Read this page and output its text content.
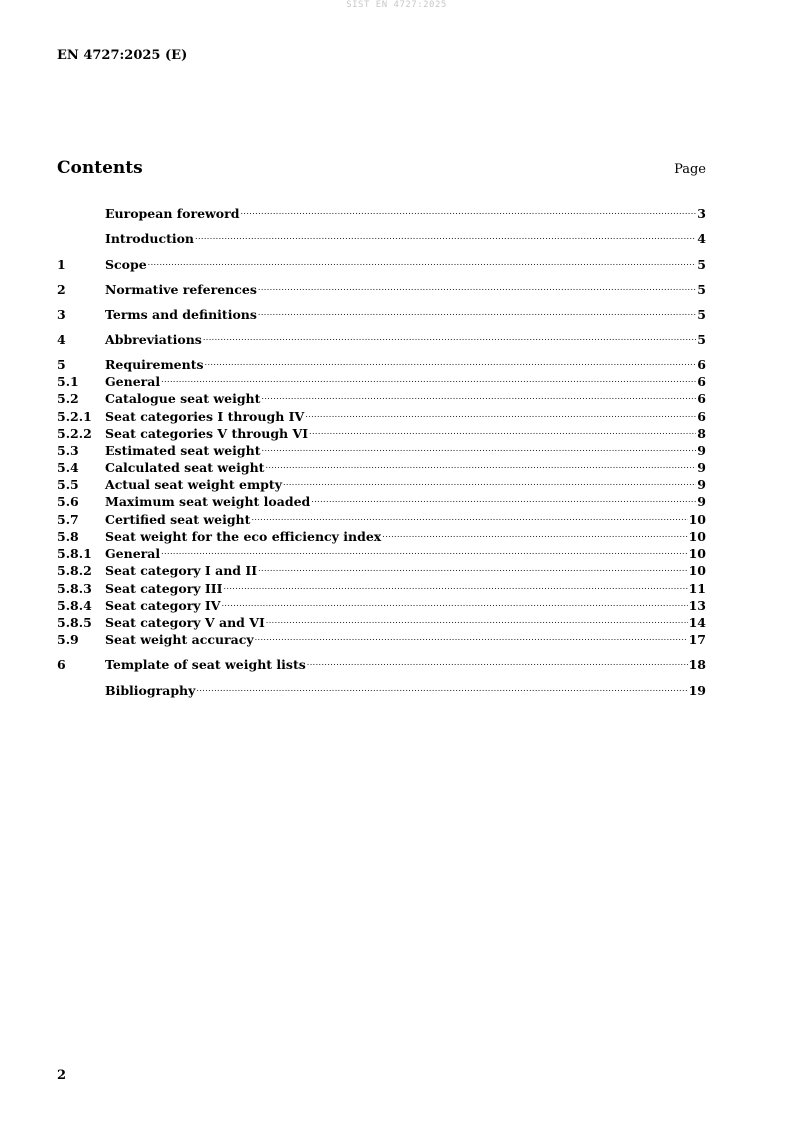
SIST EN 4727:2025
EN 4727:2025 (E)
Contents	Page
European foreword .....	3
Introduction .....	4
1	Scope .....	5
2	Normative references .....	5
3	Terms and definitions .....	5
4	Abbreviations .....	5
5	Requirements .....	6
5.1	General .....	6
5.2	Catalogue seat weight .....	6
5.2.1	Seat categories I through IV .....	6
5.2.2	Seat categories V through VI .....	8
5.3	Estimated seat weight .....	9
5.4	Calculated seat weight .....	9
5.5	Actual seat weight empty .....	9
5.6	Maximum seat weight loaded .....	9
5.7	Certified seat weight .....	10
5.8	Seat weight for the eco efficiency index .....	10
5.8.1	General .....	10
5.8.2	Seat category I and II .....	10
5.8.3	Seat category III .....	11
5.8.4	Seat category IV .....	13
5.8.5	Seat category V and VI .....	14
5.9	Seat weight accuracy .....	17
6	Template of seat weight lists .....	18
Bibliography .....	19
2
